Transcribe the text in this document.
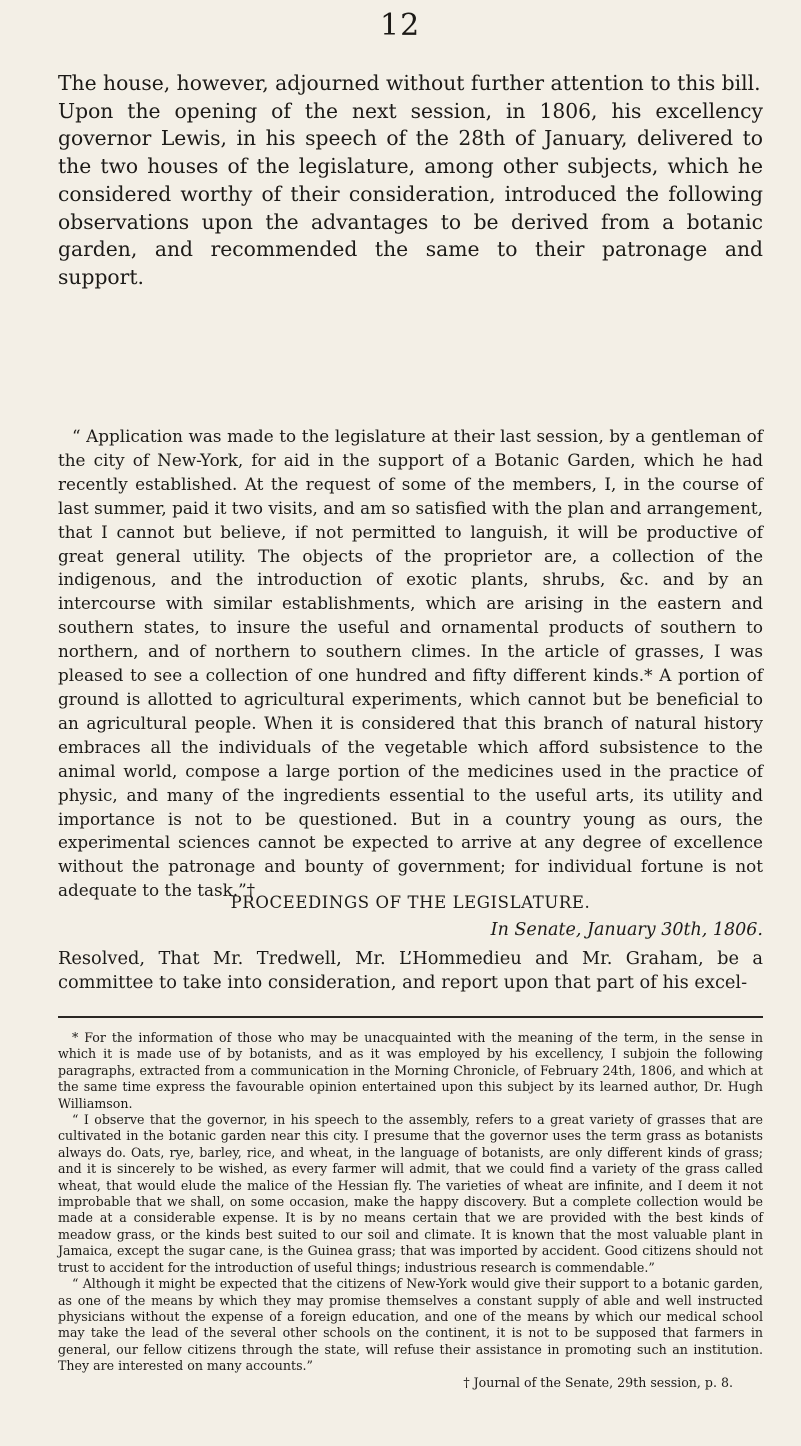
12

The house, however, adjourned without further attention to this bill.

Upon the opening of the next session, in 1806, his excellency governor Lewis, in his speech of the 28th of January, delivered to the two houses of the legislature, among other subjects, which he considered worthy of their consideration, introduced the following observations upon the advantages to be derived from a botanic garden, and recommended the same to their patronage and support.

“ Application was made to the legislature at their last session, by a gentleman of the city of New-York, for aid in the support of a Botanic Garden, which he had recently established. At the request of some of the members, I, in the course of last summer, paid it two visits, and am so satisfied with the plan and arrangement, that I cannot but believe, if not permitted to languish, it will be productive of great general utility. The objects of the proprietor are, a collection of the indigenous, and the introduction of exotic plants, shrubs, &c. and by an intercourse with similar establishments, which are arising in the eastern and southern states, to insure the useful and ornamental products of southern to northern, and of northern to southern climes. In the article of grasses, I was pleased to see a collection of one hundred and fifty different kinds.* A portion of ground is allotted to agricultural experiments, which cannot but be beneficial to an agricultural people. When it is considered that this branch of natural history embraces all the individuals of the vegetable which afford subsistence to the animal world, compose a large portion of the medicines used in the practice of physic, and many of the ingredients essential to the useful arts, its utility and importance is not to be questioned. But in a country young as ours, the experimental sciences cannot be expected to arrive at any degree of excellence without the patronage and bounty of government; for individual fortune is not adequate to the task.”†

PROCEEDINGS OF THE LEGISLATURE.
In Senate, January 30th, 1806.

Resolved, That Mr. Tredwell, Mr. L’Hommedieu and Mr. Graham, be a committee to take into consideration, and report upon that part of his excel-

* For the information of those who may be unacquainted with the meaning of the term, in the sense in which it is made use of by botanists, and as it was employed by his excellency, I subjoin the following paragraphs, extracted from a communication in the Morning Chronicle, of February 24th, 1806, and which at the same time express the favourable opinion entertained upon this subject by its learned author, Dr. Hugh Williamson.

“ I observe that the governor, in his speech to the assembly, refers to a great variety of grasses that are cultivated in the botanic garden near this city. I presume that the governor uses the term grass as botanists always do. Oats, rye, barley, rice, and wheat, in the language of botanists, are only different kinds of grass; and it is sincerely to be wished, as every farmer will admit, that we could find a variety of the grass called wheat, that would elude the malice of the Hessian fly. The varieties of wheat are infinite, and I deem it not improbable that we shall, on some occasion, make the happy discovery. But a complete collection would be made at a considerable expense. It is by no means certain that we are provided with the best kinds of meadow grass, or the kinds best suited to our soil and climate. It is known that the most valuable plant in Jamaica, except the sugar cane, is the Guinea grass; that was imported by accident. Good citizens should not trust to accident for the introduction of useful things; industrious research is commendable.”

“ Although it might be expected that the citizens of New-York would give their support to a botanic garden, as one of the means by which they may promise themselves a constant supply of able and well instructed physicians without the expense of a foreign education, and one of the means by which our medical school may take the lead of the several other schools on the continent, it is not to be supposed that farmers in general, our fellow citizens through the state, will refuse their assistance in promoting such an institution. They are interested on many accounts.”

† Journal of the Senate, 29th session, p. 8.
